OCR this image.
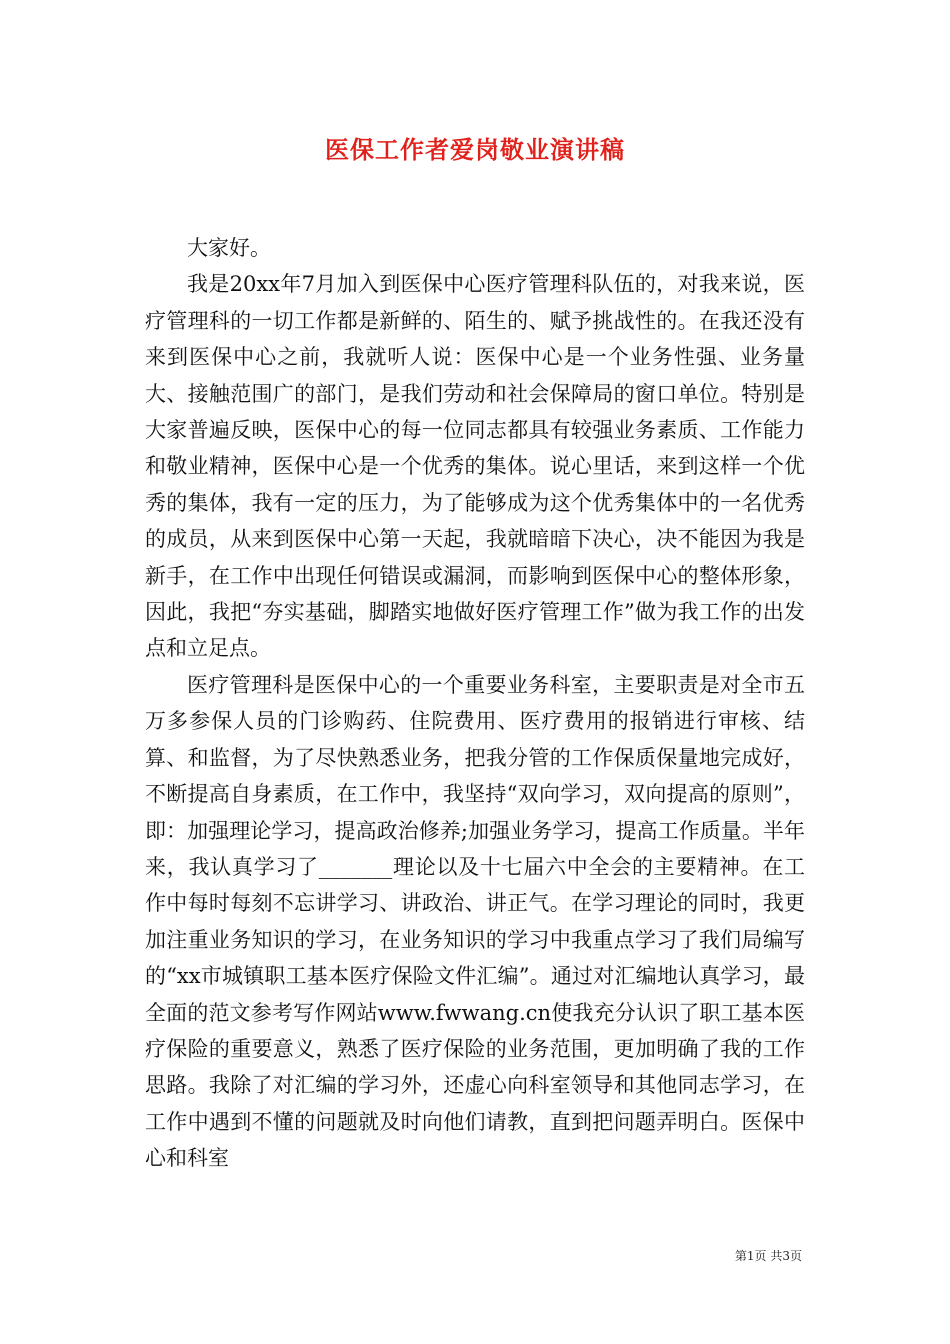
医保工作者爱岗敬业演讲稿

大家好。

我是20xx年7月加入到医保中心医疗管理科队伍的，对我来说，医疗管理科的一切工作都是新鲜的、陌生的、赋予挑战性的。在我还没有来到医保中心之前，我就听人说：医保中心是一个业务性强、业务量大、接触范围广的部门，是我们劳动和社会保障局的窗口单位。特别是大家普遍反映，医保中心的每一位同志都具有较强业务素质、工作能力和敬业精神，医保中心是一个优秀的集体。说心里话，来到这样一个优秀的集体，我有一定的压力，为了能够成为这个优秀集体中的一名优秀的成员，从来到医保中心第一天起，我就暗暗下决心，决不能因为我是新手，在工作中出现任何错误或漏洞，而影响到医保中心的整体形象，因此，我把“夯实基础，脚踏实地做好医疗管理工作”做为我工作的出发点和立足点。

医疗管理科是医保中心的一个重要业务科室，主要职责是对全市五万多参保人员的门诊购药、住院费用、医疗费用的报销进行审核、结算、和监督，为了尽快熟悉业务，把我分管的工作保质保量地完成好，不断提高自身素质，在工作中，我坚持“双向学习，双向提高的原则”，即：加强理论学习，提高政治修养;加强业务学习，提高工作质量。半年来，我认真学习了_______理论以及十七届六中全会的主要精神。在工作中每时每刻不忘讲学习、讲政治、讲正气。在学习理论的同时，我更加注重业务知识的学习，在业务知识的学习中我重点学习了我们局编写的“xx市城镇职工基本医疗保险文件汇编”。通过对汇编地认真学习，最全面的范文参考写作网站www.fwwang.cn使我充分认识了职工基本医疗保险的重要意义，熟悉了医疗保险的业务范围，更加明确了我的工作思路。我除了对汇编的学习外，还虚心向科室领导和其他同志学习，在工作中遇到不懂的问题就及时向他们请教，直到把问题弄明白。医保中心和科室

第1页 共3页
